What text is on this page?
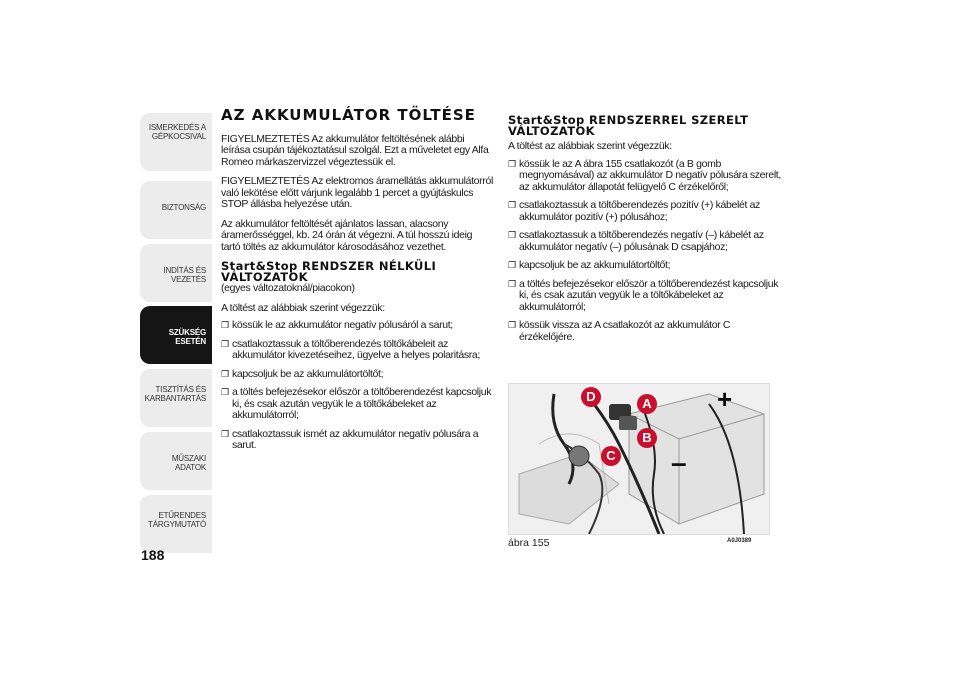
ISMERKEDÉS A
GÉPKOCSIVAL
BIZTONSÁG
INDÍTÁS ÉS VEZETÉS
SZÜKSÉG ESETÉN
TISZTÍTÁS ÉS
KARBANTARTÁS
MŰSZAKI ADATOK
ETŰRENDES
TÁRGYMUTATÓ
188
AZ AKKUMULÁTOR TÖLTÉSE

FIGYELMEZTETÉS Az akkumulátor feltöltésének alábbi leírása csupán tájékoztatásul szolgál. Ezt a műveletet egy Alfa Romeo márkaszervizzel végeztessük el.

FIGYELMEZTETÉS Az elektromos áramellátás akkumulátorról való lekötése előtt várjunk legalább 1 percet a gyújtáskulcs STOP állásba helyezése után.

Az akkumulátor feltöltését ajánlatos lassan, alacsony áramerősséggel, kb. 24 órán át végezni. A túl hosszú ideig tartó töltés az akkumulátor károsodásához vezethet.

Start&Stop RENDSZER NÉLKÜLI
VÁLTOZATOK
(egyes változatoknál/piacokon)

A töltést az alábbiak szerint végezzük:

❐ kössük le az akkumulátor negatív pólusáról a sarut;
❐ csatlakoztassuk a töltőberendezés töltőkábeleit az akkumulátor kivezetéseihez, ügyelve a helyes polaritásra;
❐ kapcsoljuk be az akkumulátortöltőt;
❐ a töltés befejezésekor először a töltőberendezést kapcsoljuk ki, és csak azután vegyük le a töltőkábeleket az akkumulátorról;
❐ csatlakoztassuk ismét az akkumulátor negatív pólusára a sarut.
Start&Stop RENDSZERREL SZERELT
VÁLTOZATOK

A töltést az alábbiak szerint végezzük:

❐ kössük le az A ábra 155 csatlakozót (a B gomb megnyomásával) az akkumulátor D negatív pólusára szerelt, az akkumulátor állapotát felügyelő C érzékelőről;
❐ csatlakoztassuk a töltőberendezés pozitív (+) kábelét az akkumulátor pozitív (+) pólusához;
❐ csatlakoztassuk a töltőberendezés negatív (–) kábelét az akkumulátor negatív (–) pólusának D csapjához;
❐ kapcsoljuk be az akkumulátortöltőt;
❐ a töltés befejezésekor először a töltőberendezést kapcsoljuk ki, és csak azután vegyük le a töltőkábeleket az akkumulátorról;
❐ kössük vissza az A csatlakozót az akkumulátor C érzékelőjére.
D	A
B
C
+
–
ábra 155	A0J0389
